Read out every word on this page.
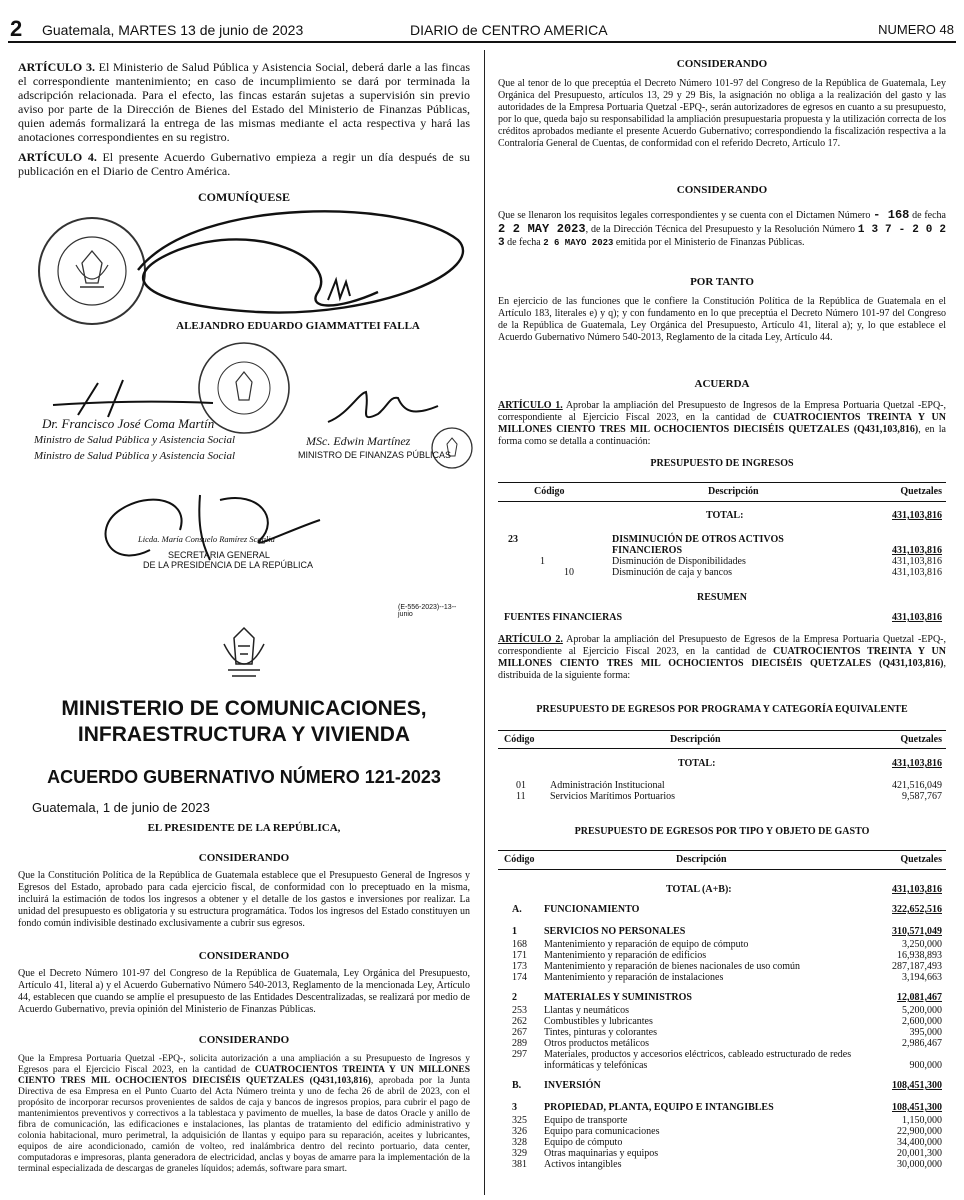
2 Guatemala, MARTES 13 de junio de 2023	DIARIO de CENTRO AMERICA	NUMERO 48

ARTÍCULO 3. El Ministerio de Salud Pública y Asistencia Social, deberá darle a las fincas el correspondiente mantenimiento; en caso de incumplimiento se dará por terminada la adscripción relacionada. Para el efecto, las fincas estarán sujetas a supervisión sin previo aviso por parte de la Dirección de Bienes del Estado del Ministerio de Finanzas Públicas, quien además formalizará la entrega de las mismas mediante el acta respectiva y hará las anotaciones correspondientes en su registro.

ARTÍCULO 4. El presente Acuerdo Gubernativo empieza a regir un día después de su publicación en el Diario de Centro América.

COMUNÍQUESE

ALEJANDRO EDUARDO GIAMMATTEI FALLA

Dr. Francisco José Coma Martín

Ministro de Salud Pública y Asistencia Social

Ministro de Salud Pública y Asistencia Social

MSc. Edwin Martínez

MINISTRO DE FINANZAS PÚBLICAS

Licda. María Consuelo Ramírez Scaglia

SECRETARIA GENERAL

DE LA PRESIDENCIA DE LA REPÚBLICA

(E-556-2023)--13--junio

MINISTERIO DE COMUNICACIONES,

INFRAESTRUCTURA Y VIVIENDA

ACUERDO GUBERNATIVO NÚMERO 121-2023

Guatemala, 1 de junio de 2023

EL PRESIDENTE DE LA REPÚBLICA,

CONSIDERANDO

Que la Constitución Política de la República de Guatemala establece que el Presupuesto General de Ingresos y Egresos del Estado, aprobado para cada ejercicio fiscal, de conformidad con lo preceptuado en la misma, incluirá la estimación de todos los ingresos a obtener y el detalle de los gastos e inversiones por realizar. La unidad del presupuesto es obligatoria y su estructura programática. Todos los ingresos del Estado constituyen un fondo común indivisible destinado exclusivamente a cubrir sus egresos.

CONSIDERANDO

Que el Decreto Número 101-97 del Congreso de la República de Guatemala, Ley Orgánica del Presupuesto, Artículo 41, literal a) y el Acuerdo Gubernativo Número 540-2013, Reglamento de la mencionada Ley, Artículo 44, establecen que cuando se amplíe el presupuesto de las Entidades Descentralizadas, se realizará por medio de Acuerdo Gubernativo, previa opinión del Ministerio de Finanzas Públicas.

CONSIDERANDO

Que la Empresa Portuaria Quetzal -EPQ-, solicita autorización a una ampliación a su Presupuesto de Ingresos y Egresos para el Ejercicio Fiscal 2023, en la cantidad de CUATROCIENTOS TREINTA Y UN MILLONES CIENTO TRES MIL OCHOCIENTOS DIECISÉIS QUETZALES (Q431,103,816), aprobada por la Junta Directiva de esa Empresa en el Punto Cuarto del Acta Número treinta y uno de fecha 26 de abril de 2023, con el propósito de incorporar recursos provenientes de saldos de caja y bancos de ingresos propios, para cubrir el pago de mantenimientos preventivos y correctivos a la tablestaca y pavimento de muelles, la base de datos Oracle y anillo de fibra de comunicación, las edificaciones e instalaciones, las plantas de tratamiento del edificio administrativo y colonia habitacional, muro perimetral, la adquisición de llantas y equipo para su reparación, aceites y lubricantes, equipos de aire acondicionado, camión de volteo, red inalámbrica dentro del recinto portuario, data center, computadoras e impresoras, planta generadora de electricidad, anclas y boyas de amarre para la implementación de la terminal especializada de descargas de graneles líquidos; además, software para smart.

CONSIDERANDO

Que al tenor de lo que preceptúa el Decreto Número 101-97 del Congreso de la República de Guatemala, Ley Orgánica del Presupuesto, artículos 13, 29 y 29 Bis, la asignación no obliga a la realización del gasto y las autoridades de la Empresa Portuaria Quetzal -EPQ-, serán autorizadores de egresos en cuanto a su presupuesto, por lo que, queda bajo su responsabilidad la ampliación presupuestaria propuesta y la utilización correcta de los créditos aprobados mediante el presente Acuerdo Gubernativo; correspondiendo la fiscalización respectiva a la Contraloría General de Cuentas, de conformidad con el referido Decreto, Artículo 17.

CONSIDERANDO

Que se llenaron los requisitos legales correspondientes y se cuenta con el Dictamen Número - 168 de fecha 2 2 MAY 2023, de la Dirección Técnica del Presupuesto y la Resolución Número 1 3 7 - 2 0 2 3 de fecha 2 6 MAYO 2023 emitida por el Ministerio de Finanzas Públicas.

POR TANTO

En ejercicio de las funciones que le confiere la Constitución Política de la República de Guatemala en el Artículo 183, literales e) y q); y con fundamento en lo que preceptúa el Decreto Número 101-97 del Congreso de la República de Guatemala, Ley Orgánica del Presupuesto, Artículo 41, literal a); y, lo que establece el Acuerdo Gubernativo Número 540-2013, Reglamento de la citada Ley, Artículo 44.

ACUERDA

ARTÍCULO 1. Aprobar la ampliación del Presupuesto de Ingresos de la Empresa Portuaria Quetzal -EPQ-, correspondiente al Ejercicio Fiscal 2023, en la cantidad de CUATROCIENTOS TREINTA Y UN MILLONES CIENTO TRES MIL OCHOCIENTOS DIECISÉIS QUETZALES (Q431,103,816), en la forma como se detalla a continuación:

PRESUPUESTO DE INGRESOS

Código	Descripción	Quetzales
TOTAL:	431,103,816
23	DISMINUCIÓN DE OTROS ACTIVOS
FINANCIEROS	431,103,816
1	Disminución de Disponibilidades	431,103,816
10	Disminución de caja y bancos	431,103,816

RESUMEN

FUENTES FINANCIERAS	431,103,816

ARTÍCULO 2. Aprobar la ampliación del Presupuesto de Egresos de la Empresa Portuaria Quetzal -EPQ-, correspondiente al Ejercicio Fiscal 2023, en la cantidad de CUATROCIENTOS TREINTA Y UN MILLONES CIENTO TRES MIL OCHOCIENTOS DIECISÉIS QUETZALES (Q431,103,816), distribuida de la siguiente forma:

PRESUPUESTO DE EGRESOS POR PROGRAMA Y CATEGORÍA EQUIVALENTE

Código	Descripción	Quetzales
TOTAL:	431,103,816
01 Administración Institucional	421,516,049
11 Servicios Marítimos Portuarios	9,587,767

PRESUPUESTO DE EGRESOS POR TIPO Y OBJETO DE GASTO

Código	Descripción	Quetzales
TOTAL (A+B):	431,103,816
A. FUNCIONAMIENTO	322,652,516
1	SERVICIOS NO PERSONALES	310,571,049
168 Mantenimiento y reparación de equipo de cómputo	3,250,000
171 Mantenimiento y reparación de edificios	16,938,893
173 Mantenimiento y reparación de bienes nacionales de uso común	287,187,493
174 Mantenimiento y reparación de instalaciones	3,194,663
2	MATERIALES Y SUMINISTROS	12,081,467
253 Llantas y neumáticos	5,200,000
262 Combustibles y lubricantes	2,600,000
267 Tintes, pinturas y colorantes	395,000
289 Otros productos metálicos	2,986,467
297 Materiales, productos y accesorios eléctricos, cableado estructurado de redes informáticas y telefónicas	900,000
B. INVERSIÓN	108,451,300
3	PROPIEDAD, PLANTA, EQUIPO E INTANGIBLES	108,451,300
325 Equipo de transporte	1,150,000
326 Equipo para comunicaciones	22,900,000
328 Equipo de cómputo	34,400,000
329 Otras maquinarias y equipos	20,001,300
381 Activos intangibles	30,000,000
